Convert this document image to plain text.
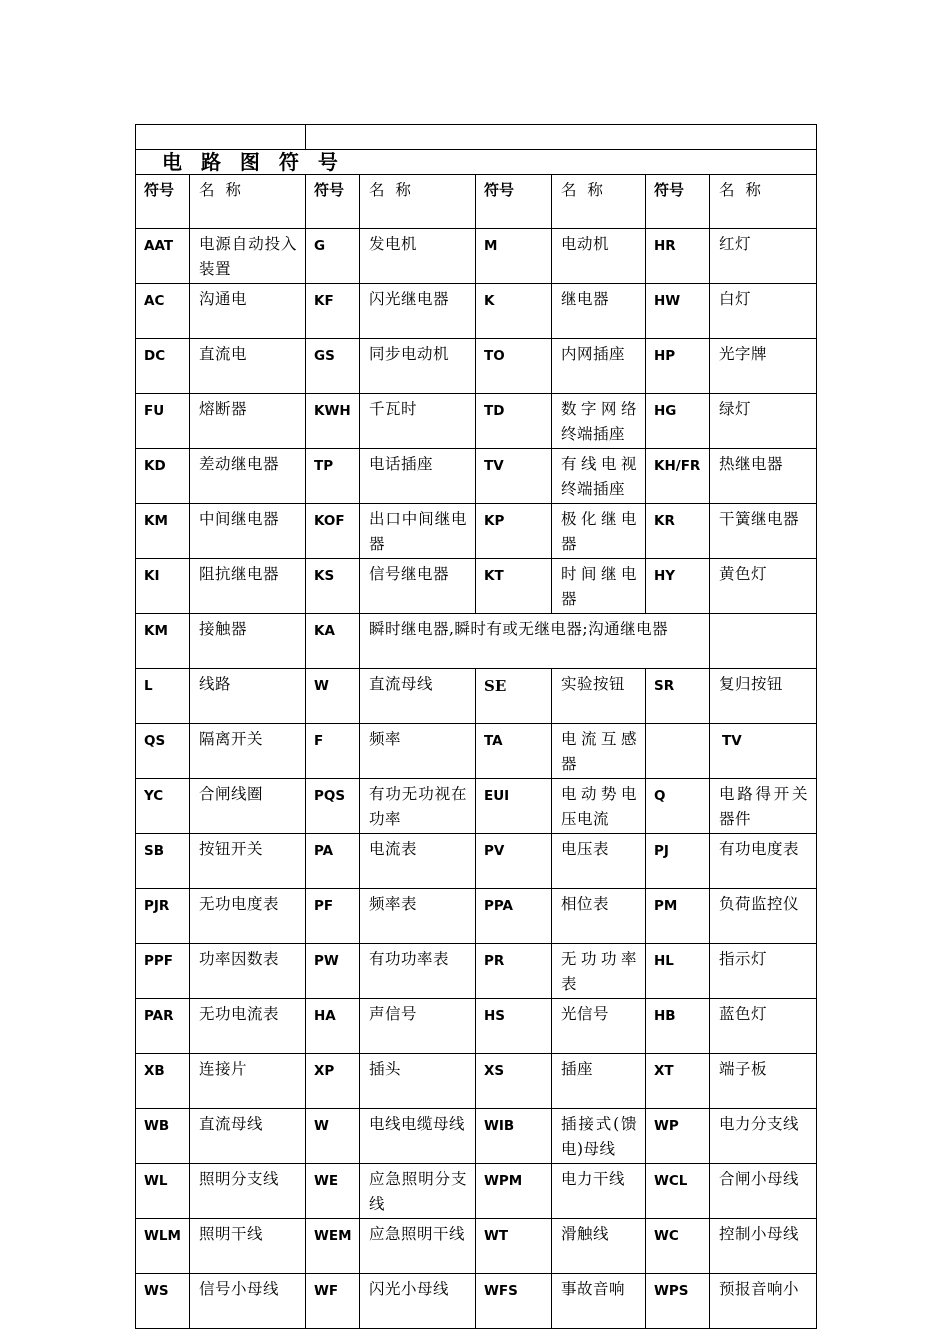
电 路 图 符 号							

符号	名 称	符号	名 称	符号	名 称	符号	名 称
AAT	电源自动投入装置	G	发电机	M	电动机	HR	红灯
AC	沟通电	KF	闪光继电器	K	继电器	HW	白灯
DC	直流电	GS	同步电动机	TO	内网插座	HP	光字牌
FU	熔断器	KWH	千瓦时	TD	数字网络终端插座	HG	绿灯
KD	差动继电器	TP	电话插座	TV	有线电视终端插座	KH/FR	热继电器
KM	中间继电器	KOF	出口中间继电器	KP	极化继电器	KR	干簧继电器
KI	阻抗继电器	KS	信号继电器	KT	时间继电器	HY	黄色灯
KM	接触器	KA	瞬时继电器,瞬时有或无继电器;沟通继电器				
L	线路	W	直流母线	SE	实验按钮	SR	复归按钮
QS	隔离开关	F	频率	TA	电流互感器		TV
YC	合闸线圈	PQS	有功无功视在功率	EUI	电动势电压电流	Q	电路得开关器件
SB	按钮开关	PA	电流表	PV	电压表	PJ	有功电度表
PJR	无功电度表	PF	频率表	PPA	相位表	PM	负荷监控仪
PPF	功率因数表	PW	有功功率表	PR	无功功率表	HL	指示灯
PAR	无功电流表	HA	声信号	HS	光信号	HB	蓝色灯
XB	连接片	XP	插头	XS	插座	XT	端子板
WB	直流母线	W	电线电缆母线	WIB	插接式(馈电)母线	WP	电力分支线
WL	照明分支线	WE	应急照明分支线	WPM	电力干线	WCL	合闸小母线
WLM	照明干线	WEM	应急照明干线	WT	滑触线	WC	控制小母线
WS	信号小母线	WF	闪光小母线	WFS	事故音响	WPS	预报音响小
